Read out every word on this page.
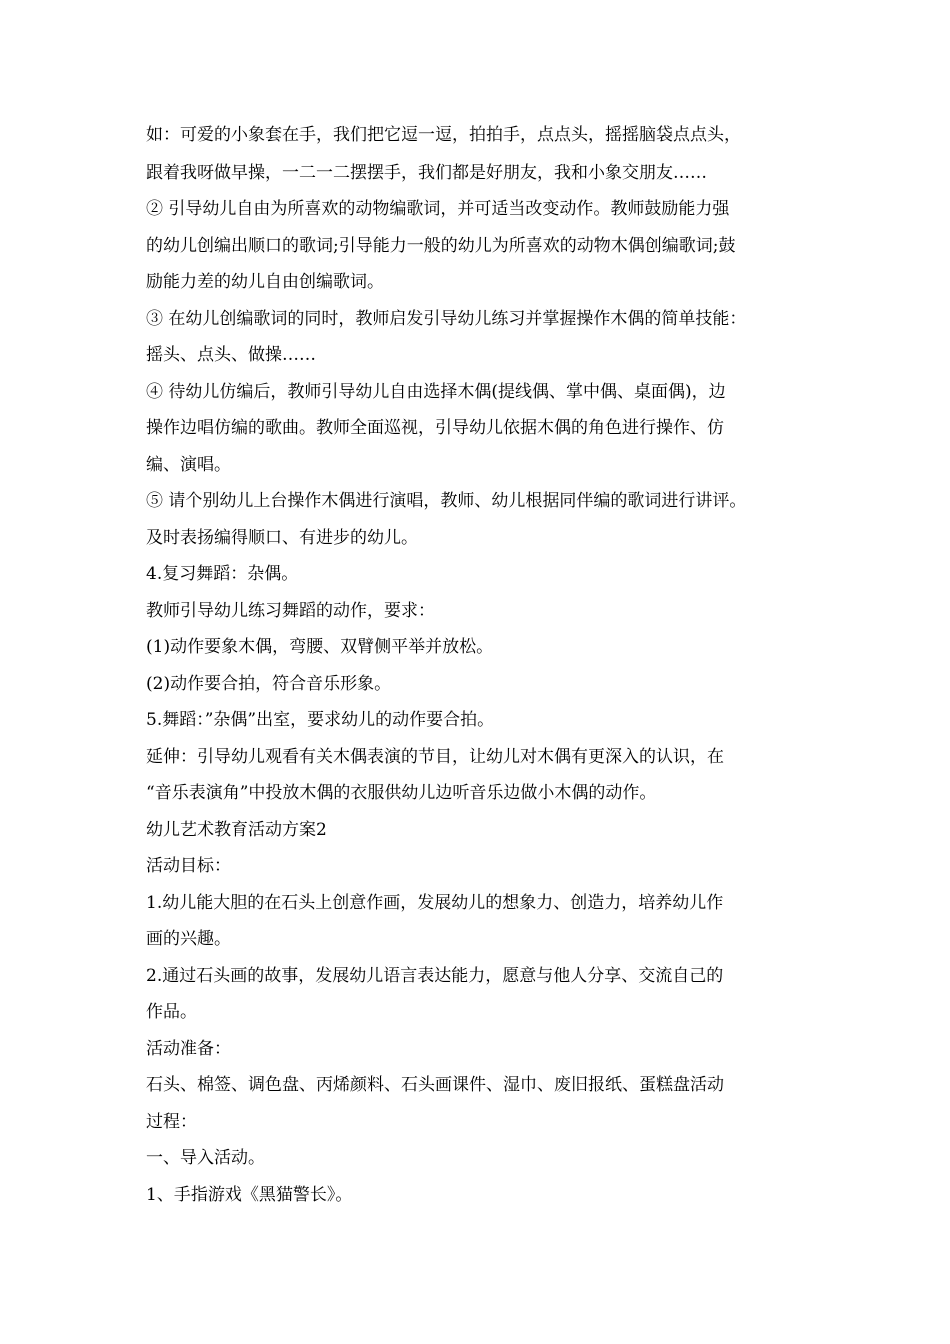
如：可爱的小象套在手，我们把它逗一逗，拍拍手，点点头，摇摇脑袋点点头，
跟着我呀做早操，一二一二摆摆手，我们都是好朋友，我和小象交朋友……
② 引导幼儿自由为所喜欢的动物编歌词，并可适当改变动作。教师鼓励能力强
的幼儿创编出顺口的歌词;引导能力一般的幼儿为所喜欢的动物木偶创编歌词;鼓
励能力差的幼儿自由创编歌词。
③ 在幼儿创编歌词的同时，教师启发引导幼儿练习并掌握操作木偶的简单技能：
摇头、点头、做操……
④ 待幼儿仿编后，教师引导幼儿自由选择木偶(提线偶、掌中偶、桌面偶)，边
操作边唱仿编的歌曲。教师全面巡视，引导幼儿依据木偶的角色进行操作、仿
编、演唱。
⑤ 请个别幼儿上台操作木偶进行演唱，教师、幼儿根据同伴编的歌词进行讲评。
及时表扬编得顺口、有进步的幼儿。
4.复习舞蹈：杂偶。
教师引导幼儿练习舞蹈的动作，要求：
(1)动作要象木偶，弯腰、双臂侧平举并放松。
(2)动作要合拍，符合音乐形象。
5.舞蹈：”杂偶”出室，要求幼儿的动作要合拍。
延伸：引导幼儿观看有关木偶表演的节目，让幼儿对木偶有更深入的认识，在
“音乐表演角”中投放木偶的衣服供幼儿边听音乐边做小木偶的动作。
幼儿艺术教育活动方案2
活动目标：
1.幼儿能大胆的在石头上创意作画，发展幼儿的想象力、创造力，培养幼儿作
画的兴趣。
2.通过石头画的故事，发展幼儿语言表达能力，愿意与他人分享、交流自己的
作品。
活动准备：
石头、棉签、调色盘、丙烯颜料、石头画课件、湿巾、废旧报纸、蛋糕盘活动
过程：
一、导入活动。
1、手指游戏《黑猫警长》。
